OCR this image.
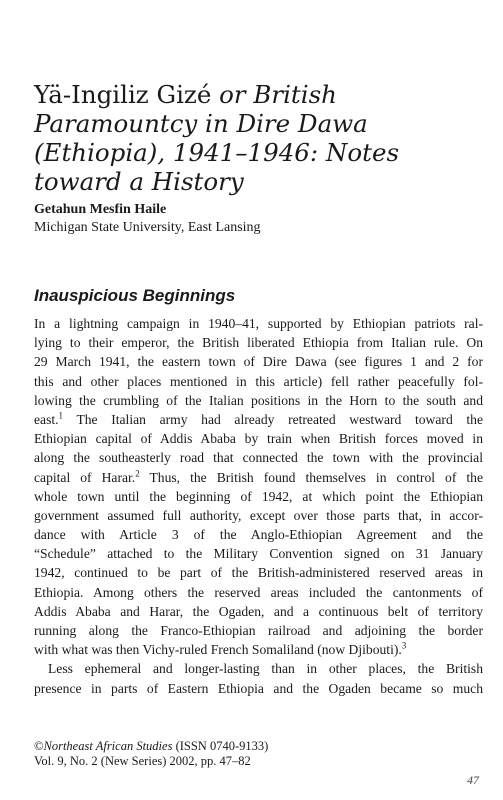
Yä-Ingiliz Gizé or British
Paramountcy in Dire Dawa
(Ethiopia), 1941–1946: Notes
toward a History
Getahun Mesfin Haile
Michigan State University, East Lansing
Inauspicious Beginnings
In a lightning campaign in 1940–41, supported by Ethiopian patriots ral-
lying to their emperor, the British liberated Ethiopia from Italian rule. On
29 March 1941, the eastern town of Dire Dawa (see figures 1 and 2 for
this and other places mentioned in this article) fell rather peacefully fol-
lowing the crumbling of the Italian positions in the Horn to the south and
east.$^1$ The Italian army had already retreated westward toward the
Ethiopian capital of Addis Ababa by train when British forces moved in
along the southeasterly road that connected the town with the provincial
capital of Harar.$^2$ Thus, the British found themselves in control of the
whole town until the beginning of 1942, at which point the Ethiopian
government assumed full authority, except over those parts that, in accor-
dance with Article 3 of the Anglo-Ethiopian Agreement and the
“Schedule” attached to the Military Convention signed on 31 January
1942, continued to be part of the British-administered reserved areas in
Ethiopia. Among others the reserved areas included the cantonments of
Addis Ababa and Harar, the Ogaden, and a continuous belt of territory
running along the Franco-Ethiopian railroad and adjoining the border
with what was then Vichy-ruled French Somaliland (now Djibouti).$^3$
Less ephemeral and longer-lasting than in other places, the British
presence in parts of Eastern Ethiopia and the Ogaden became so much
©Northeast African Studies (ISSN 0740-9133)
Vol. 9, No. 2 (New Series) 2002, pp. 47–82
47
